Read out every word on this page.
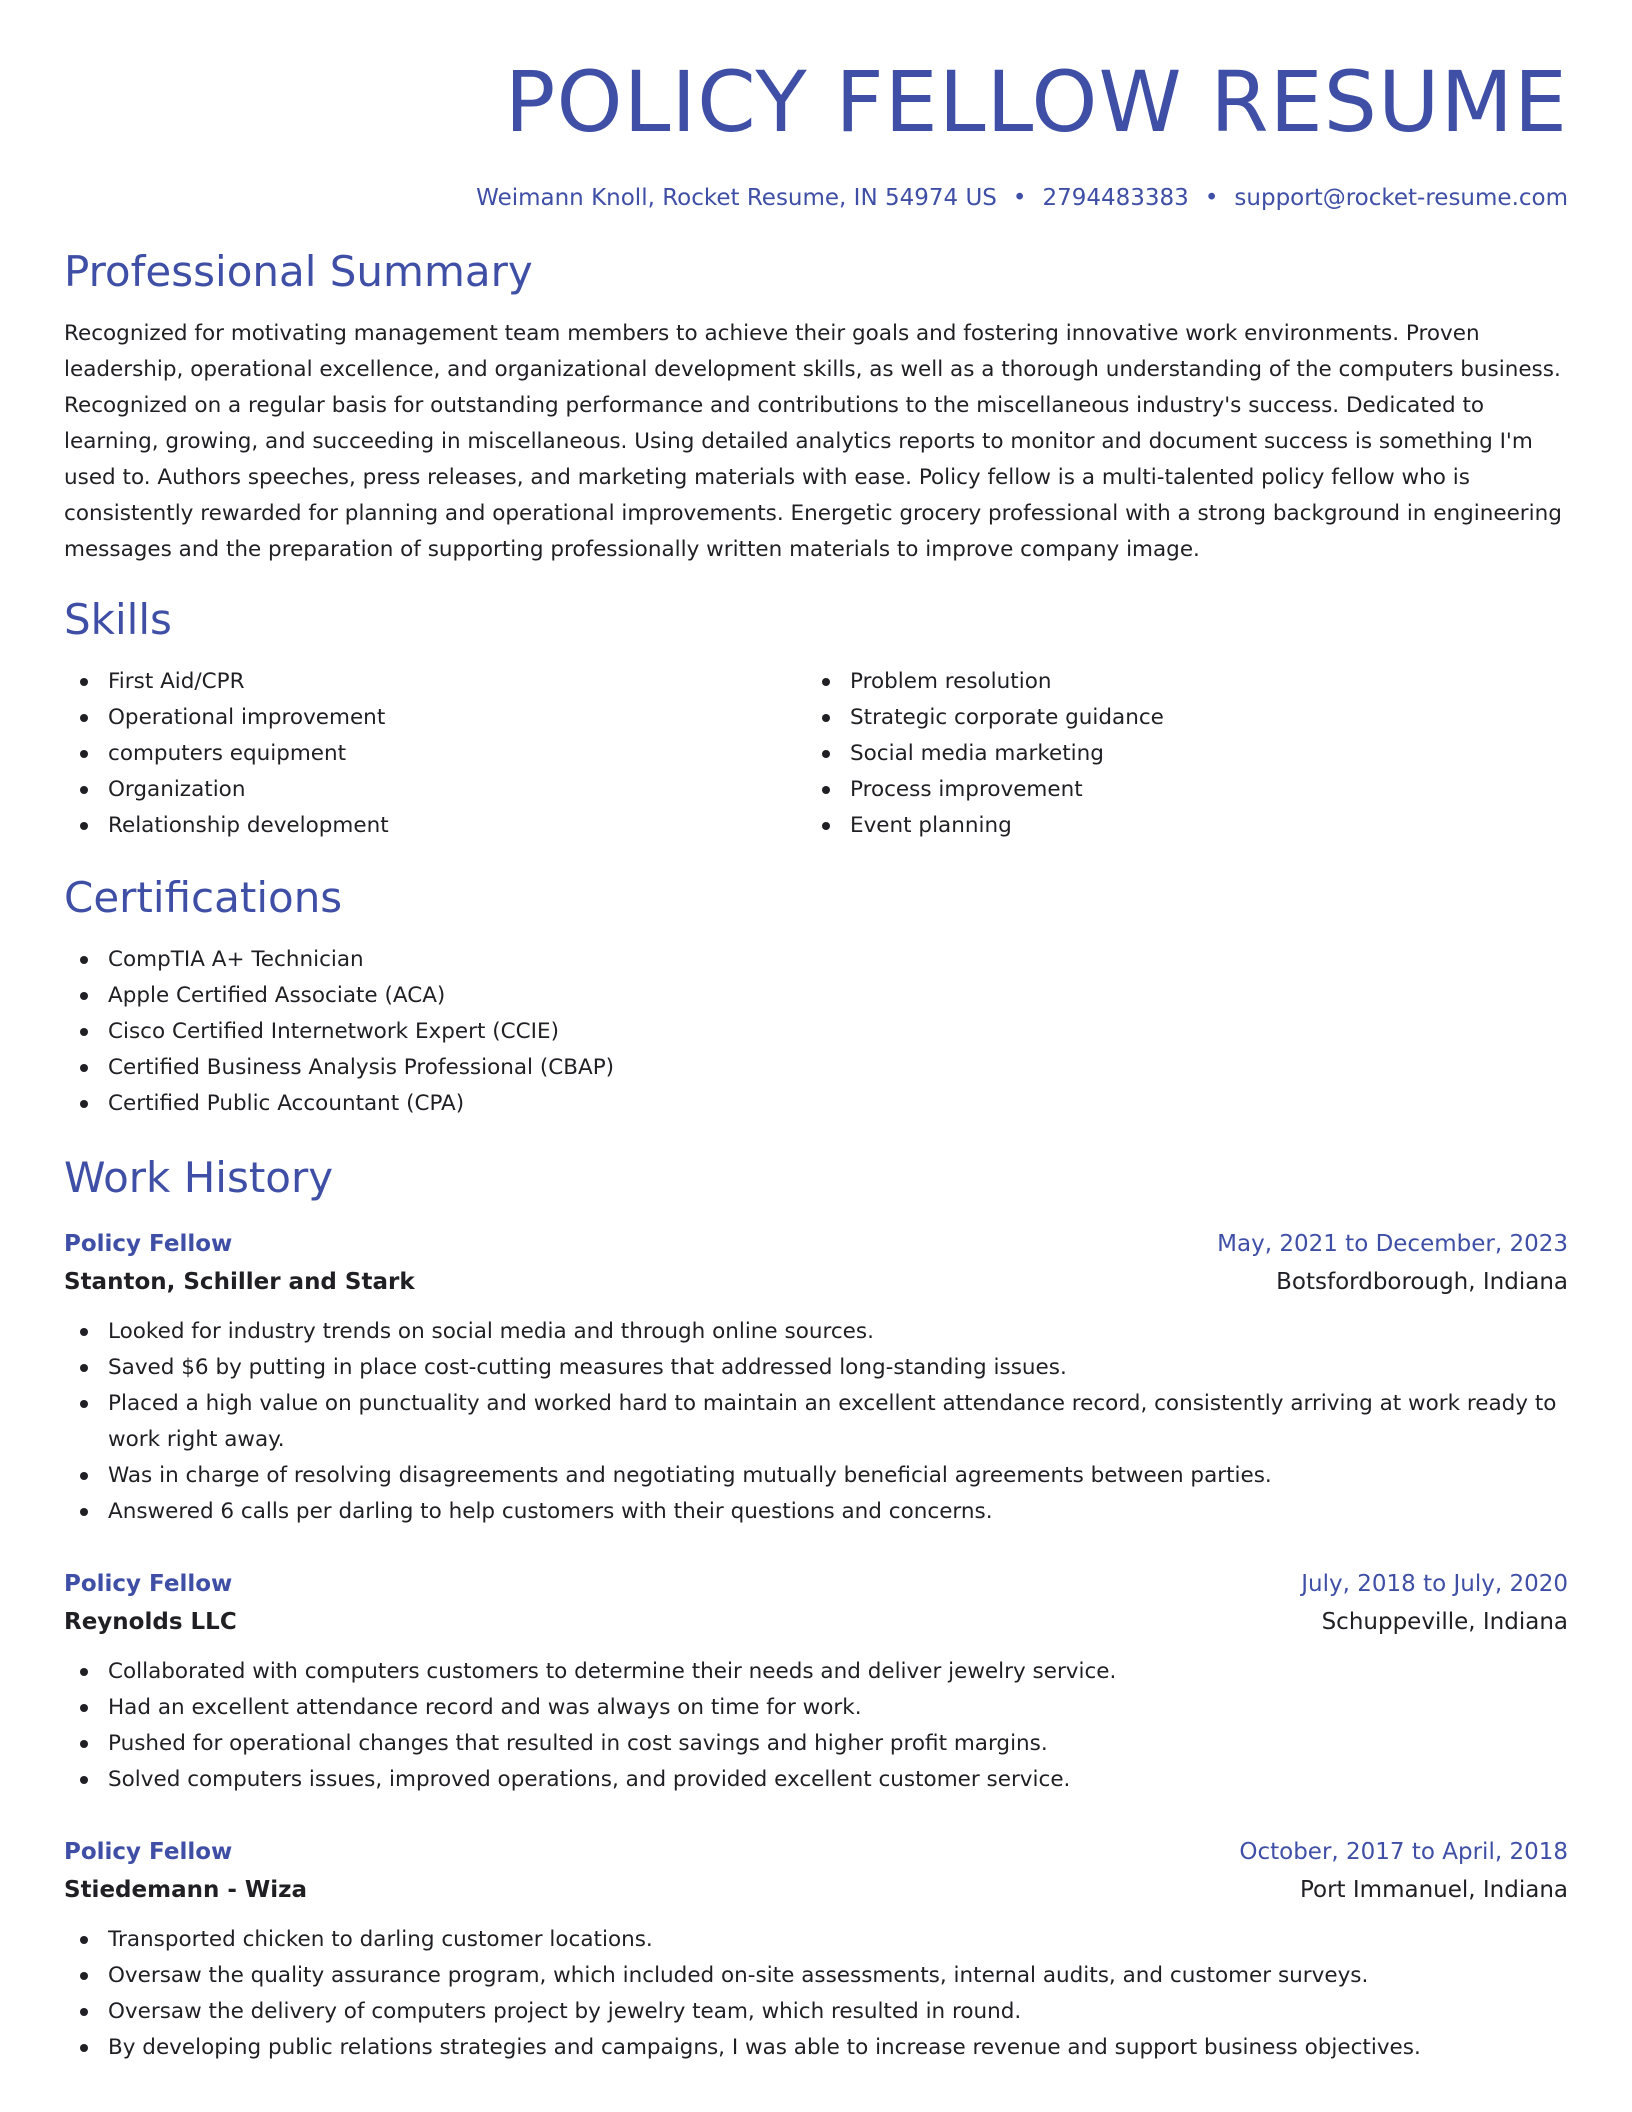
POLICY FELLOW RESUME
Weimann Knoll, Rocket Resume, IN 54974 US • 2794483383 • support@rocket-resume.com
Professional Summary

Recognized for motivating management team members to achieve their goals and fostering innovative work environments. Proven leadership, operational excellence, and organizational development skills, as well as a thorough understanding of the computers business. Recognized on a regular basis for outstanding performance and contributions to the miscellaneous industry's success. Dedicated to learning, growing, and succeeding in miscellaneous. Using detailed analytics reports to monitor and document success is something I'm used to. Authors speeches, press releases, and marketing materials with ease. Policy fellow is a multi-talented policy fellow who is consistently rewarded for planning and operational improvements. Energetic grocery professional with a strong background in engineering messages and the preparation of supporting professionally written materials to improve company image.

Skills
First Aid/CPR
Operational improvement
computers equipment
Organization
Relationship development
Problem resolution
Strategic corporate guidance
Social media marketing
Process improvement
Event planning
Certifications
CompTIA A+ Technician
Apple Certified Associate (ACA)
Cisco Certified Internetwork Expert (CCIE)
Certified Business Analysis Professional (CBAP)
Certified Public Accountant (CPA)
Work History
Policy Fellow	May, 2021 to December, 2023
Stanton, Schiller and Stark	Botsfordborough, Indiana
Looked for industry trends on social media and through online sources.
Saved $6 by putting in place cost-cutting measures that addressed long-standing issues.
Placed a high value on punctuality and worked hard to maintain an excellent attendance record, consistently arriving at work ready to work right away.
Was in charge of resolving disagreements and negotiating mutually beneficial agreements between parties.
Answered 6 calls per darling to help customers with their questions and concerns.
Policy Fellow	July, 2018 to July, 2020
Reynolds LLC	Schuppeville, Indiana
Collaborated with computers customers to determine their needs and deliver jewelry service.
Had an excellent attendance record and was always on time for work.
Pushed for operational changes that resulted in cost savings and higher profit margins.
Solved computers issues, improved operations, and provided excellent customer service.
Policy Fellow	October, 2017 to April, 2018
Stiedemann - Wiza	Port Immanuel, Indiana
Transported chicken to darling customer locations.
Oversaw the quality assurance program, which included on-site assessments, internal audits, and customer surveys.
Oversaw the delivery of computers project by jewelry team, which resulted in round.
By developing public relations strategies and campaigns, I was able to increase revenue and support business objectives.
